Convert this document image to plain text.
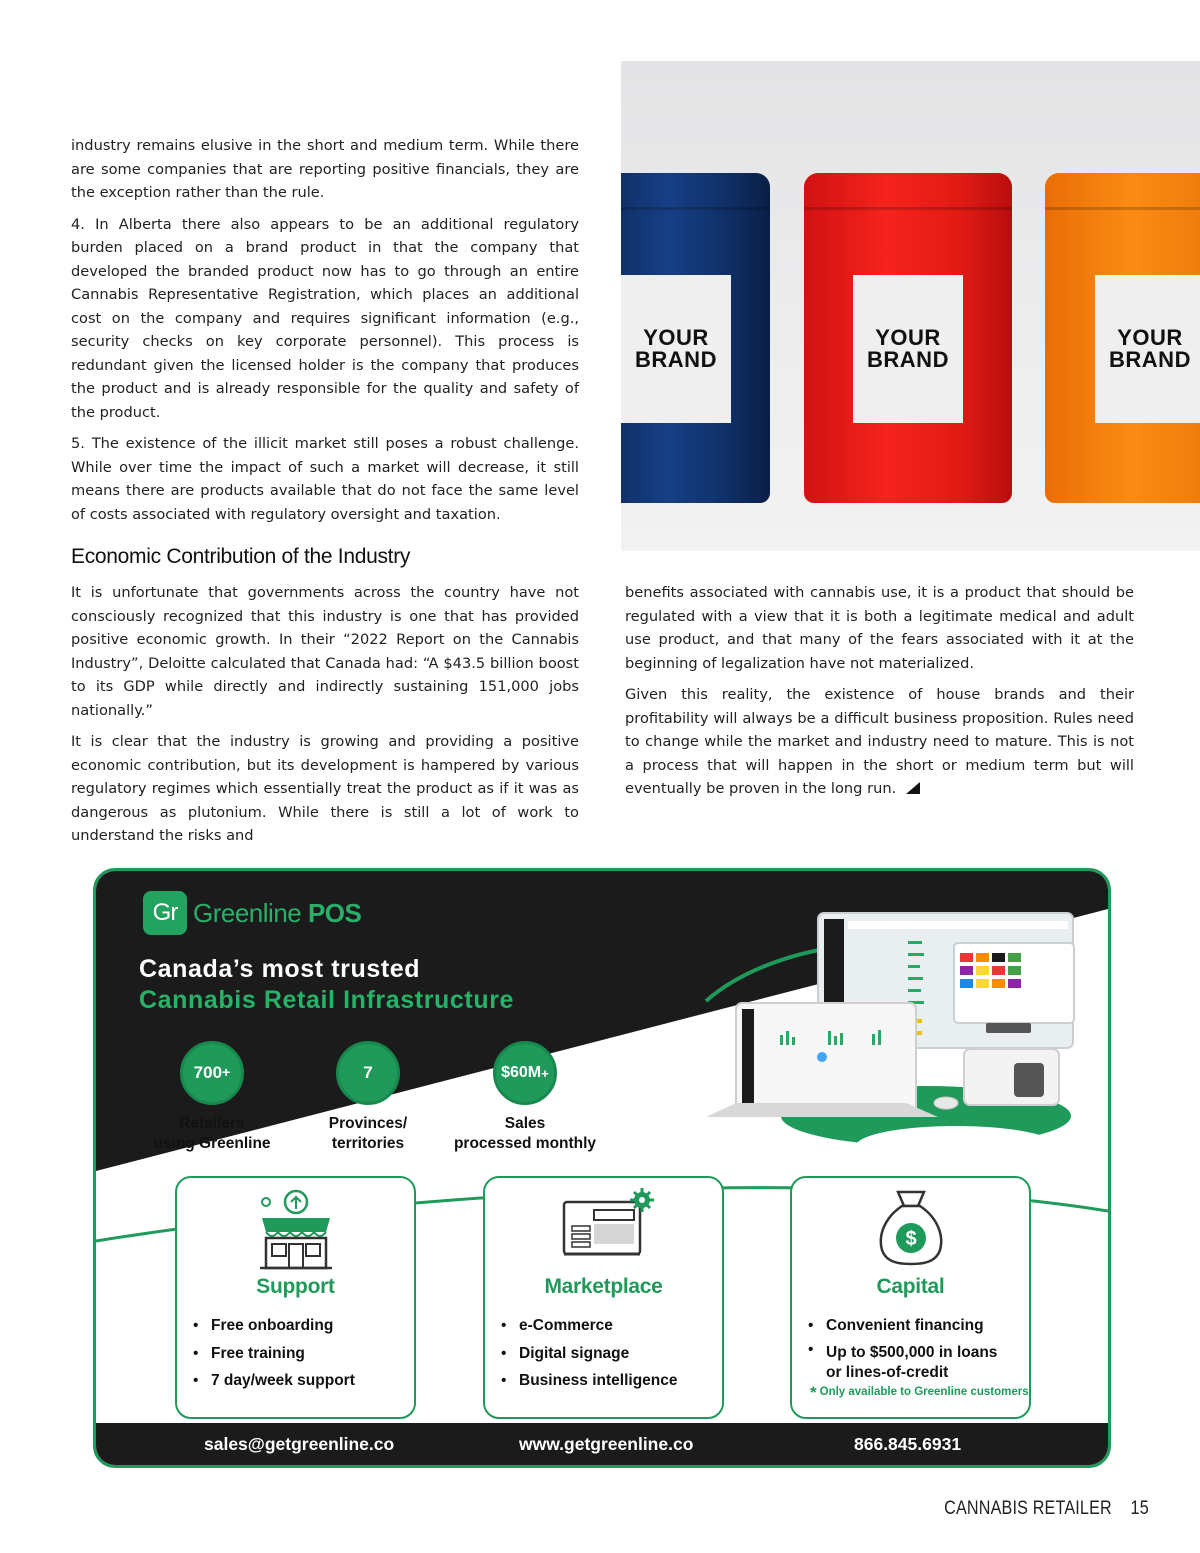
industry remains elusive in the short and medium term. While there are some companies that are reporting positive financials, they are the exception rather than the rule.

4. In Alberta there also appears to be an additional regulatory burden placed on a brand product in that the company that developed the branded product now has to go through an entire Cannabis Representative Registration, which places an additional cost on the company and requires significant information (e.g., security checks on key corporate personnel). This process is redundant given the licensed holder is the company that produces the product and is already responsible for the quality and safety of the product.

5. The existence of the illicit market still poses a robust challenge. While over time the impact of such a market will decrease, it still means there are products available that do not face the same level of costs associated with regulatory oversight and taxation.

YOUR
BRAND
YOUR
BRAND
YOUR
BRAND
Economic Contribution of the Industry

It is unfortunate that governments across the country have not consciously recognized that this industry is one that has provided positive economic growth. In their “2022 Report on the Cannabis Industry”, Deloitte calculated that Canada had: “A $43.5 billion boost to its GDP while directly and indirectly sustaining 151,000 jobs nationally.”

It is clear that the industry is growing and providing a positive economic contribution, but its development is hampered by various regulatory regimes which essentially treat the product as if it was as dangerous as plutonium. While there is still a lot of work to understand the risks and

benefits associated with cannabis use, it is a product that should be regulated with a view that it is both a legitimate medical and adult use product, and that many of the fears associated with it at the beginning of legalization have not materialized.

Given this reality, the existence of house brands and their profitability will always be a difficult business proposition. Rules need to change while the market and industry need to mature. This is not a process that will happen in the short or medium term but will eventually be proven in the long run.

Gr Greenline POS
Canada’s most trusted
Cannabis Retail Infrastructure
700 +
Retailers
using Greenline
7
Provinces/
territories
$60M +
Sales
processed monthly
Support
• Free onboarding
• Free training
• 7 day/week support
Marketplace
• e-Commerce
• Digital signage
• Business intelligence
$
Capital
• Convenient financing
• Up to $500,000 in loans
or lines-of-credit
* Only available to Greenline customers
sales@getgreenline.co	www.getgreenline.co	866.845.6931
CANNABIS RETAILER 15
